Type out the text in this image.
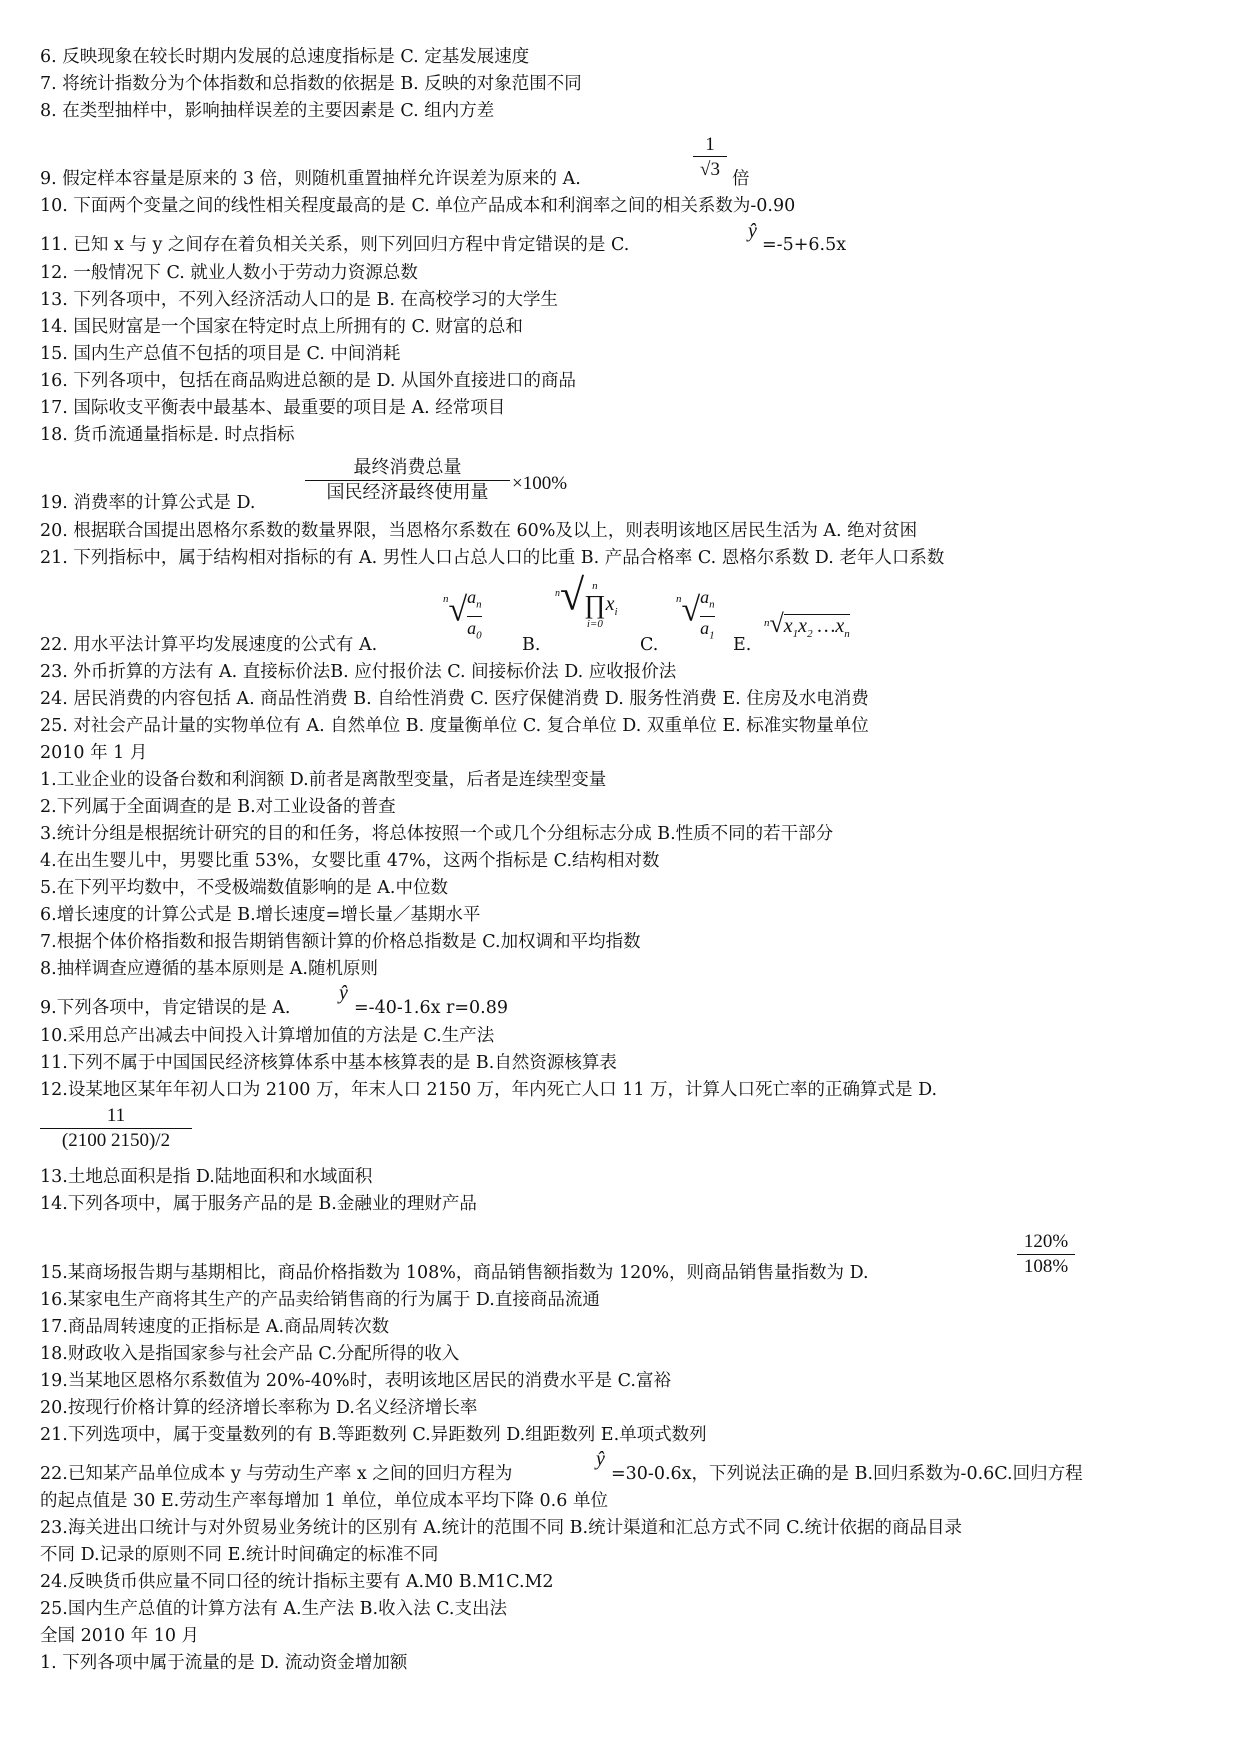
6. 反映现象在较长时期内发展的总速度指标是 C. 定基发展速度
7. 将统计指数分为个体指数和总指数的依据是 B. 反映的对象范围不同
8. 在类型抽样中，影响抽样误差的主要因素是 C. 组内方差
9. 假定样本容量是原来的 3 倍，则随机重置抽样允许误差为原来的 A.	$\frac{1}{√3}$ 倍
10. 下面两个变量之间的线性相关程度最高的是 C. 单位产品成本和利润率之间的相关系数为-0.90
11. 已知 x 与 y 之间存在着负相关关系，则下列回归方程中肯定错误的是 C.
ŷ
=-5+6.5x
12. 一般情况下 C. 就业人数小于劳动力资源总数
13. 下列各项中，不列入经济活动人口的是 B. 在高校学习的大学生
14. 国民财富是一个国家在特定时点上所拥有的 C. 财富的总和
15. 国内生产总值不包括的项目是 C. 中间消耗
16. 下列各项中，包括在商品购进总额的是 D. 从国外直接进口的商品
17. 国际收支平衡表中最基本、最重要的项目是 A. 经常项目
18. 货币流通量指标是. 时点指标
19. 消费率的计算公式是 D.
最终消费总量
国民经济最终使用量	×100%
20. 根据联合国提出恩格尔系数的数量界限，当恩格尔系数在 60%及以上，则表明该地区居民生活为 A. 绝对贫困
21. 下列指标中，属于结构相对指标的有 A. 男性人口占总人口的比重 B. 产品合格率 C. 恩格尔系数 D. 老年人口系数
22. 用水平法计算平均发展速度的公式有 A.
$^n√ \frac{a_n}{a_0} B$.
$^n$√ n
∏
i=0
$x_i$
C.
$^n√ \frac{a_n}{a_1} E$.
$^n√x_1x_2$ $\dots x_n$
23. 外币折算的方法有 A. 直接标价法B. 应付报价法 C. 间接标价法 D. 应收报价法
24. 居民消费的内容包括 A. 商品性消费 B. 自给性消费 C. 医疗保健消费 D. 服务性消费 E. 住房及水电消费
25. 对社会产品计量的实物单位有 A. 自然单位 B. 度量衡单位 C. 复合单位 D. 双重单位 E. 标准实物量单位
2010 年 1 月
1.工业企业的设备台数和利润额 D.前者是离散型变量，后者是连续型变量
2.下列属于全面调查的是 B.对工业设备的普查
3.统计分组是根据统计研究的目的和任务，将总体按照一个或几个分组标志分成 B.性质不同的若干部分
4.在出生婴儿中，男婴比重 53%，女婴比重 47%，这两个指标是 C.结构相对数
5.在下列平均数中，不受极端数值影响的是 A.中位数
6.增长速度的计算公式是 B.增长速度=增长量／基期水平
7.根据个体价格指数和报告期销售额计算的价格总指数是 C.加权调和平均指数
8.抽样调查应遵循的基本原则是 A.随机原则
9.下列各项中，肯定错误的是 A.
ŷ
=-40-1.6x r=0.89
10.采用总产出减去中间投入计算增加值的方法是 C.生产法
11.下列不属于中国国民经济核算体系中基本核算表的是 B.自然资源核算表
12.设某地区某年年初人口为 2100 万，年末人口 2150 万，年内死亡人口 11 万，计算人口死亡率的正确算式是 D.
$\frac{11}{(2100 2150)/2}$
13.土地总面积是指 D.陆地面积和水域面积
14.下列各项中，属于服务产品的是 B.金融业的理财产品
15.某商场报告期与基期相比，商品价格指数为 108%，商品销售额指数为 120%，则商品销售量指数为 D.	$\frac{120\%}{108\%}$
16.某家电生产商将其生产的产品卖给销售商的行为属于 D.直接商品流通
17.商品周转速度的正指标是 A.商品周转次数
18.财政收入是指国家参与社会产品 C.分配所得的收入
19.当某地区恩格尔系数值为 20%-40%时，表明该地区居民的消费水平是 C.富裕
20.按现行价格计算的经济增长率称为 D.名义经济增长率
21.下列选项中，属于变量数列的有 B.等距数列 C.异距数列 D.组距数列 E.单项式数列
22.已知某产品单位成本 y 与劳动生产率 x 之间的回归方程为
ŷ
=30-0.6x，下列说法正确的是 B.回归系数为-0.6C.回归方程
的起点值是 30 E.劳动生产率每增加 1 单位，单位成本平均下降 0.6 单位
23.海关进出口统计与对外贸易业务统计的区别有 A.统计的范围不同 B.统计渠道和汇总方式不同 C.统计依据的商品目录
不同 D.记录的原则不同 E.统计时间确定的标准不同
24.反映货币供应量不同口径的统计指标主要有 A.M0 B.M1C.M2
25.国内生产总值的计算方法有 A.生产法 B.收入法 C.支出法
全国 2010 年 10 月
1. 下列各项中属于流量的是 D. 流动资金增加额
